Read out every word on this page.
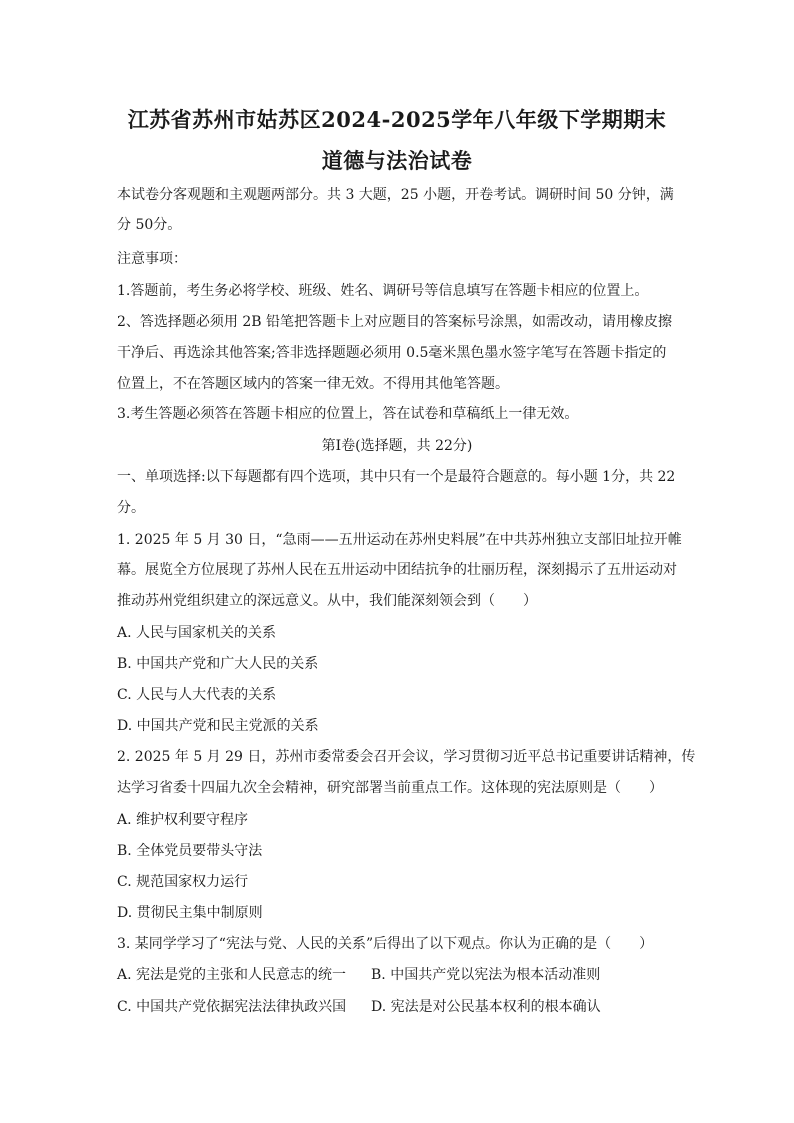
江苏省苏州市姑苏区2024-2025学年八年级下学期期末
道德与法治试卷
本试卷分客观题和主观题两部分。共 3 大题，25 小题，开卷考试。调研时间 50 分钟，满
分 50分。
注意事项：
1.答题前，考生务必将学校、班级、姓名、调研号等信息填写在答题卡相应的位置上。
2、答选择题必须用 2B 铅笔把答题卡上对应题目的答案标号涂黑，如需改动，请用橡皮擦
干净后、再选涂其他答案;答非选择题题必须用 0.5毫米黑色墨水签字笔写在答题卡指定的
位置上，不在答题区域内的答案一律无效。不得用其他笔答题。
3.考生答题必须答在答题卡相应的位置上，答在试卷和草稿纸上一律无效。
第Ⅰ卷(选择题，共 22分)
一、单项选择:以下每题都有四个选项，其中只有一个是最符合题意的。每小题 1分，共 22
分。
1. 2025 年 5 月 30 日，“急雨——五卅运动在苏州史料展”在中共苏州独立支部旧址拉开帷
幕。展览全方位展现了苏州人民在五卅运动中团结抗争的壮丽历程，深刻揭示了五卅运动对
推动苏州党组织建立的深远意义。从中，我们能深刻领会到（　　）
A. 人民与国家机关的关系
B. 中国共产党和广大人民的关系
C. 人民与人大代表的关系
D. 中国共产党和民主党派的关系
2. 2025 年 5 月 29 日，苏州市委常委会召开会议，学习贯彻习近平总书记重要讲话精神，传
达学习省委十四届九次全会精神，研究部署当前重点工作。这体现的宪法原则是（　　）
A. 维护权利要守程序
B. 全体党员要带头守法
C. 规范国家权力运行
D. 贯彻民主集中制原则
3. 某同学学习了“宪法与党、人民的关系”后得出了以下观点。你认为正确的是（　　）
A. 宪法是党的主张和人民意志的统一 B. 中国共产党以宪法为根本活动准则
C. 中国共产党依据宪法法律执政兴国 D. 宪法是对公民基本权利的根本确认
